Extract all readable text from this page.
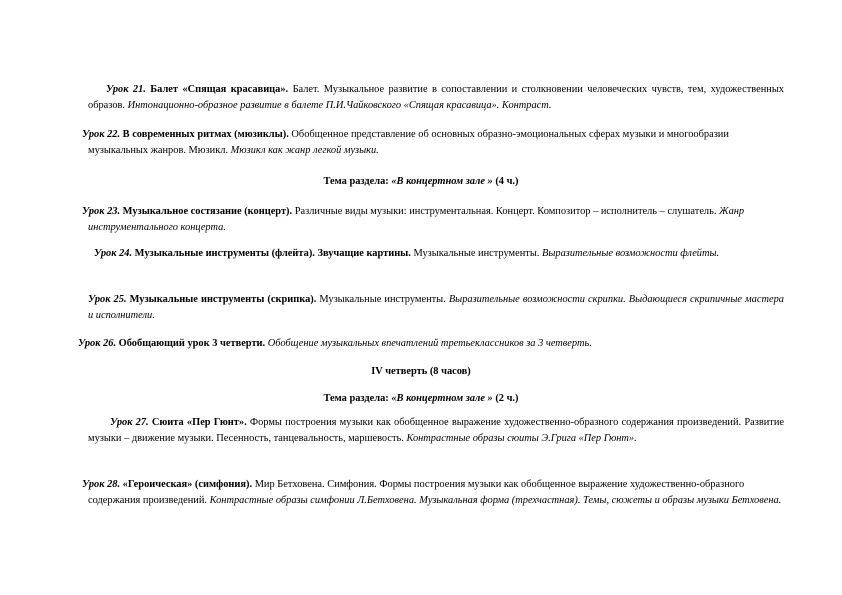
Урок 21. Балет «Спящая красавица». Балет. Музыкальное развитие в сопоставлении и столкновении человеческих чувств, тем, художественных образов. Интонационно-образное развитие в балете П.И.Чайковского «Спящая красавица». Контраст.
Урок 22. В современных ритмах (мюзиклы). Обобщенное представление об основных образно-эмоциональных сферах музыки и многообразии музыкальных жанров. Мюзикл. Мюзикл как жанр легкой музыки.
Тема раздела: «В концертном зале » (4 ч.)
Урок 23. Музыкальное состязание (концерт). Различные виды музыки: инструментальная. Концерт. Композитор – исполнитель – слушатель. Жанр инструментального концерта.
Урок 24. Музыкальные инструменты (флейта). Звучащие картины. Музыкальные инструменты. Выразительные возможности флейты.
Урок 25. Музыкальные инструменты (скрипка). Музыкальные инструменты. Выразительные возможности скрипки. Выдающиеся скрипичные мастера и исполнители.
Урок 26. Обобщающий урок 3 четверти. Обобщение музыкальных впечатлений третьеклассников за 3 четверть.
IV четверть (8 часов)
Тема раздела: «В концертном зале » (2 ч.)
Урок 27. Сюита «Пер Гюнт». Формы построения музыки как обобщенное выражение художественно-образного содержания произведений. Развитие музыки – движение музыки. Песенность, танцевальность, маршевость. Контрастные образы сюиты Э.Грига «Пер Гюнт».
Урок 28. «Героическая» (симфония). Мир Бетховена. Симфония. Формы построения музыки как обобщенное выражение художественно-образного содержания произведений. Контрастные образы симфонии Л.Бетховена. Музыкальная форма (трехчастная). Темы, сюжеты и образы музыки Бетховена.
